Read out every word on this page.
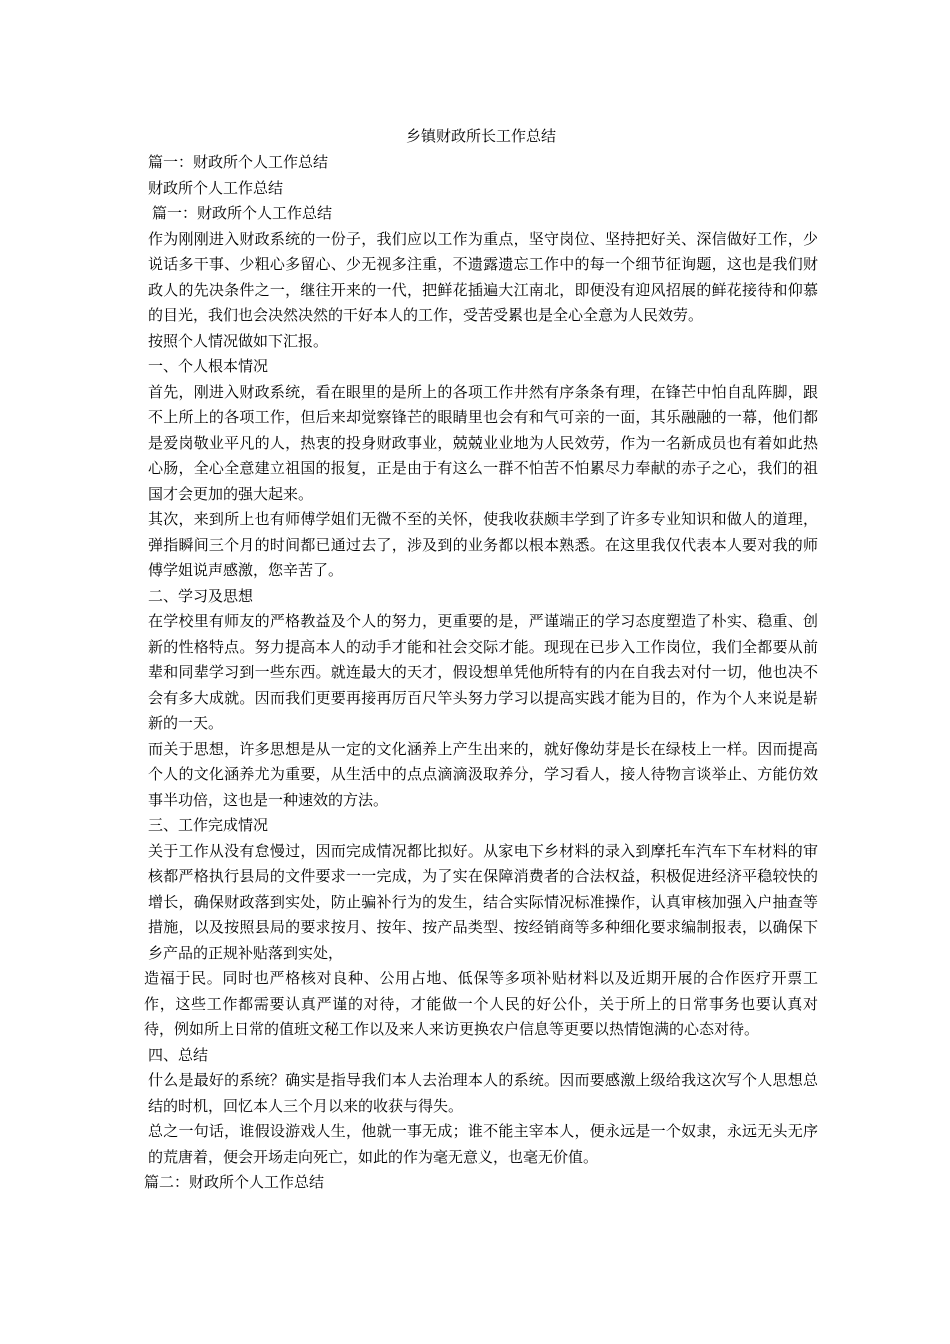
乡镇财政所长工作总结

篇一：财政所个人工作总结

财政所个人工作总结

篇一：财政所个人工作总结

作为刚刚进入财政系统的一份子，我们应以工作为重点，坚守岗位、坚持把好关、深信做好工作，少说话多干事、少粗心多留心、少无视多注重，不遗露遗忘工作中的每一个细节征询题，这也是我们财政人的先决条件之一，继往开来的一代，把鲜花插遍大江南北，即便没有迎风招展的鲜花接待和仰慕的目光，我们也会决然决然的干好本人的工作，受苦受累也是全心全意为人民效劳。

按照个人情况做如下汇报。

一、个人根本情况

首先，刚进入财政系统，看在眼里的是所上的各项工作井然有序条条有理，在锋芒中怕自乱阵脚，跟不上所上的各项工作，但后来却觉察锋芒的眼睛里也会有和气可亲的一面，其乐融融的一幕，他们都是爱岗敬业平凡的人，热衷的投身财政事业，兢兢业业地为人民效劳，作为一名新成员也有着如此热心肠，全心全意建立祖国的报复，正是由于有这么一群不怕苦不怕累尽力奉献的赤子之心，我们的祖国才会更加的强大起来。

其次，来到所上也有师傅学姐们无微不至的关怀，使我收获颇丰学到了许多专业知识和做人的道理，弹指瞬间三个月的时间都已通过去了，涉及到的业务都以根本熟悉。在这里我仅代表本人要对我的师傅学姐说声感激，您辛苦了。

二、学习及思想

在学校里有师友的严格教益及个人的努力，更重要的是，严谨端正的学习态度塑造了朴实、稳重、创新的性格特点。努力提高本人的动手才能和社会交际才能。现现在已步入工作岗位，我们全都要从前辈和同辈学习到一些东西。就连最大的天才，假设想单凭他所特有的内在自我去对付一切，他也决不会有多大成就。因而我们更要再接再厉百尺竿头努力学习以提高实践才能为目的，作为个人来说是崭新的一天。

而关于思想，许多思想是从一定的文化涵养上产生出来的，就好像幼芽是长在绿枝上一样。因而提高个人的文化涵养尤为重要，从生活中的点点滴滴汲取养分，学习看人，接人待物言谈举止、方能仿效事半功倍，这也是一种速效的方法。

三、工作完成情况

关于工作从没有怠慢过，因而完成情况都比拟好。从家电下乡材料的录入到摩托车汽车下车材料的审核都严格执行县局的文件要求一一完成，为了实在保障消费者的合法权益，积极促进经济平稳较快的增长，确保财政落到实处，防止骗补行为的发生，结合实际情况标准操作，认真审核加强入户抽查等措施，以及按照县局的要求按月、按年、按产品类型、按经销商等多种细化要求编制报表，以确保下乡产品的正规补贴落到实处，

造福于民。同时也严格核对良种、公用占地、低保等多项补贴材料以及近期开展的合作医疗开票工作，这些工作都需要认真严谨的对待，才能做一个人民的好公仆，关于所上的日常事务也要认真对待，例如所上日常的值班文秘工作以及来人来访更换农户信息等更要以热情饱满的心态对待。

四、总结

什么是最好的系统？确实是指导我们本人去治理本人的系统。因而要感激上级给我这次写个人思想总结的时机，回忆本人三个月以来的收获与得失。

总之一句话，谁假设游戏人生，他就一事无成；谁不能主宰本人，便永远是一个奴隶，永远无头无序的荒唐着，便会开场走向死亡，如此的作为毫无意义，也毫无价值。

篇二：财政所个人工作总结
